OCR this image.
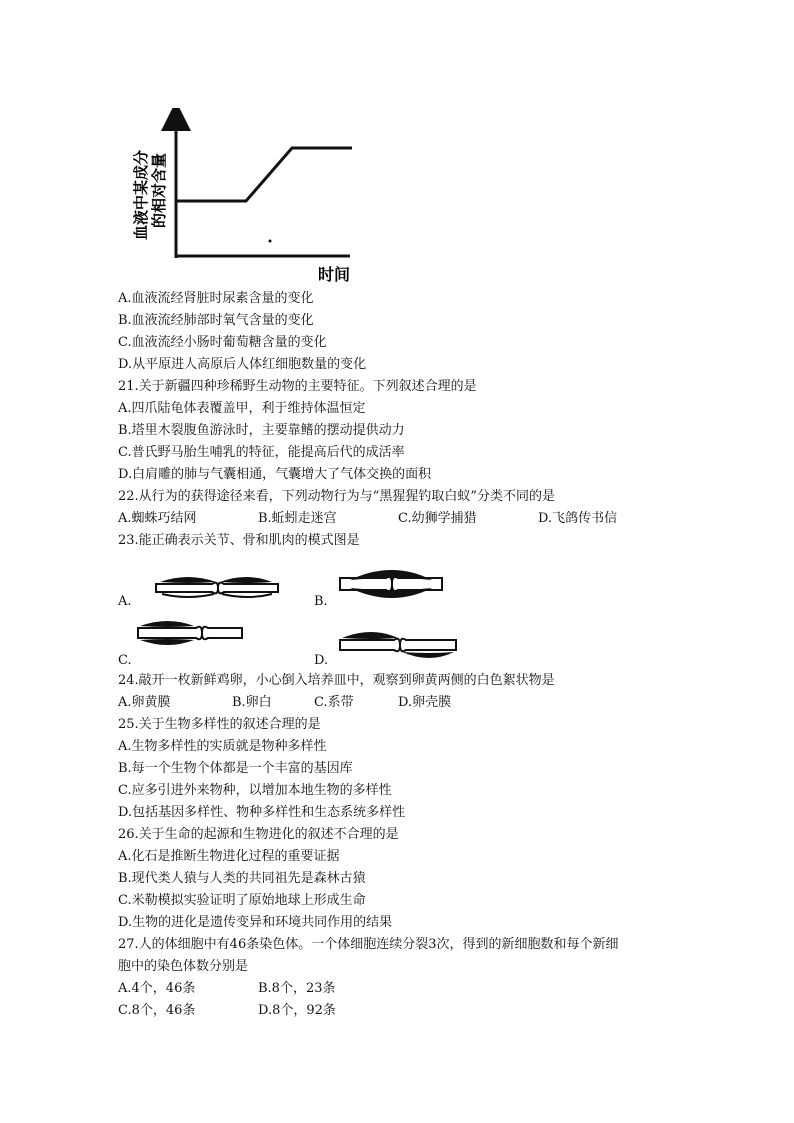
血液中某成分 的相对含量
时间
A.血液流经肾脏时尿素含量的变化
B.血液流经肺部时氧气含量的变化
C.血液流经小肠时葡萄糖含量的变化
D.从平原进人高原后人体红细胞数量的变化
21.关于新疆四种珍稀野生动物的主要特征。下列叙述合理的是
A.四爪陆龟体表覆盖甲，利于维持体温恒定
B.塔里木裂腹鱼游泳时，主要靠鳍的摆动提供动力
C.普氏野马胎生哺乳的特征，能提高后代的成活率
D.白肩雕的肺与气囊相通，气囊增大了气体交换的面积
22.从行为的获得途径来看，下列动物行为与“黑猩猩钓取白蚁”分类不同的是
A.蜘蛛巧结网	B.蚯蚓走迷宫	C.幼狮学捕猎	D.飞鸽传书信
23.能正确表示关节、骨和肌肉的模式图是
A.	B.
C.	D.
24.敲开一枚新鲜鸡卵，小心倒入培养皿中，观察到卵黄两侧的白色絮状物是
A.卵黄膜	B.卵白	C.系带	D.卵壳膜
25.关于生物多样性的叙述合理的是
A.生物多样性的实质就是物种多样性
B.每一个生物个体都是一个丰富的基因库
C.应多引进外来物种，以增加本地生物的多样性
D.包括基因多样性、物种多样性和生态系统多样性
26.关于生命的起源和生物进化的叙述不合理的是
A.化石是推断生物进化过程的重要证据
B.现代类人猿与人类的共同祖先是森林古猿
C.米勒模拟实验证明了原始地球上形成生命
D.生物的进化是遗传变异和环境共同作用的结果
27.人的体细胞中有46条染色体。一个体细胞连续分裂3次，得到的新细胞数和每个新细
胞中的染色体数分别是
A.4个，46条	B.8个，23条
C.8个，46条	D.8个，92条
